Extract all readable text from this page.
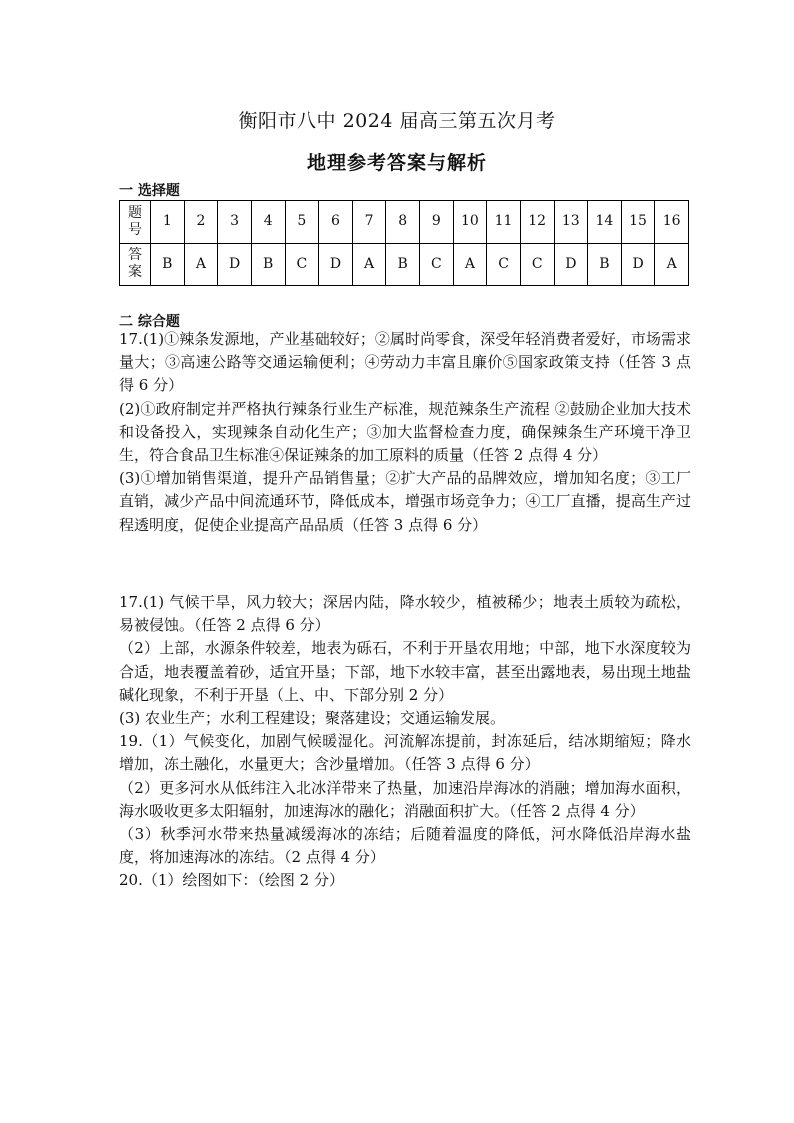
衡阳市八中 2024 届高三第五次月考
地理参考答案与解析
一 选择题
题
号	1	2	3	4	5	6	7	8	9	10	11	12	13	14	15	16
答
案	B	A	D	B	C	D	A	B	C	A	C	C	D	B	D	A
二 综合题

17.(1)①辣条发源地，产业基础较好；②属时尚零食，深受年轻消费者爱好，市场需求量大；③高速公路等交通运输便利；④劳动力丰富且廉价⑤国家政策支持（任答 3 点得 6 分）

(2)①政府制定并严格执行辣条行业生产标准，规范辣条生产流程 ②鼓励企业加大技术和设备投入，实现辣条自动化生产；③加大监督检查力度，确保辣条生产环境干净卫生，符合食品卫生标准④保证辣条的加工原料的质量（任答 2 点得 4 分）

(3)①增加销售渠道，提升产品销售量；②扩大产品的品牌效应，增加知名度；③工厂直销，减少产品中间流通环节，降低成本，增强市场竞争力；④工厂直播，提高生产过程透明度，促使企业提高产品品质（任答 3 点得 6 分）

17.(1) 气候干旱，风力较大；深居内陆，降水较少，植被稀少；地表土质较为疏松，易被侵蚀。（任答 2 点得 6 分）

（2）上部，水源条件较差，地表为砾石，不利于开垦农用地；中部，地下水深度较为合适，地表覆盖着砂，适宜开垦；下部，地下水较丰富，甚至出露地表，易出现土地盐碱化现象，不利于开垦（上、中、下部分别 2 分）

(3) 农业生产；水利工程建设；聚落建设；交通运输发展。

19.（1）气候变化，加剧气候暖湿化。河流解冻提前，封冻延后，结冰期缩短；降水增加，冻土融化，水量更大；含沙量增加。（任答 3 点得 6 分）

（2）更多河水从低纬注入北冰洋带来了热量，加速沿岸海冰的消融；增加海水面积，海水吸收更多太阳辐射，加速海冰的融化；消融面积扩大。（任答 2 点得 4 分）

（3）秋季河水带来热量减缓海冰的冻结；后随着温度的降低，河水降低沿岸海水盐度，将加速海冰的冻结。（2 点得 4 分）

20.（1）绘图如下：（绘图 2 分）
